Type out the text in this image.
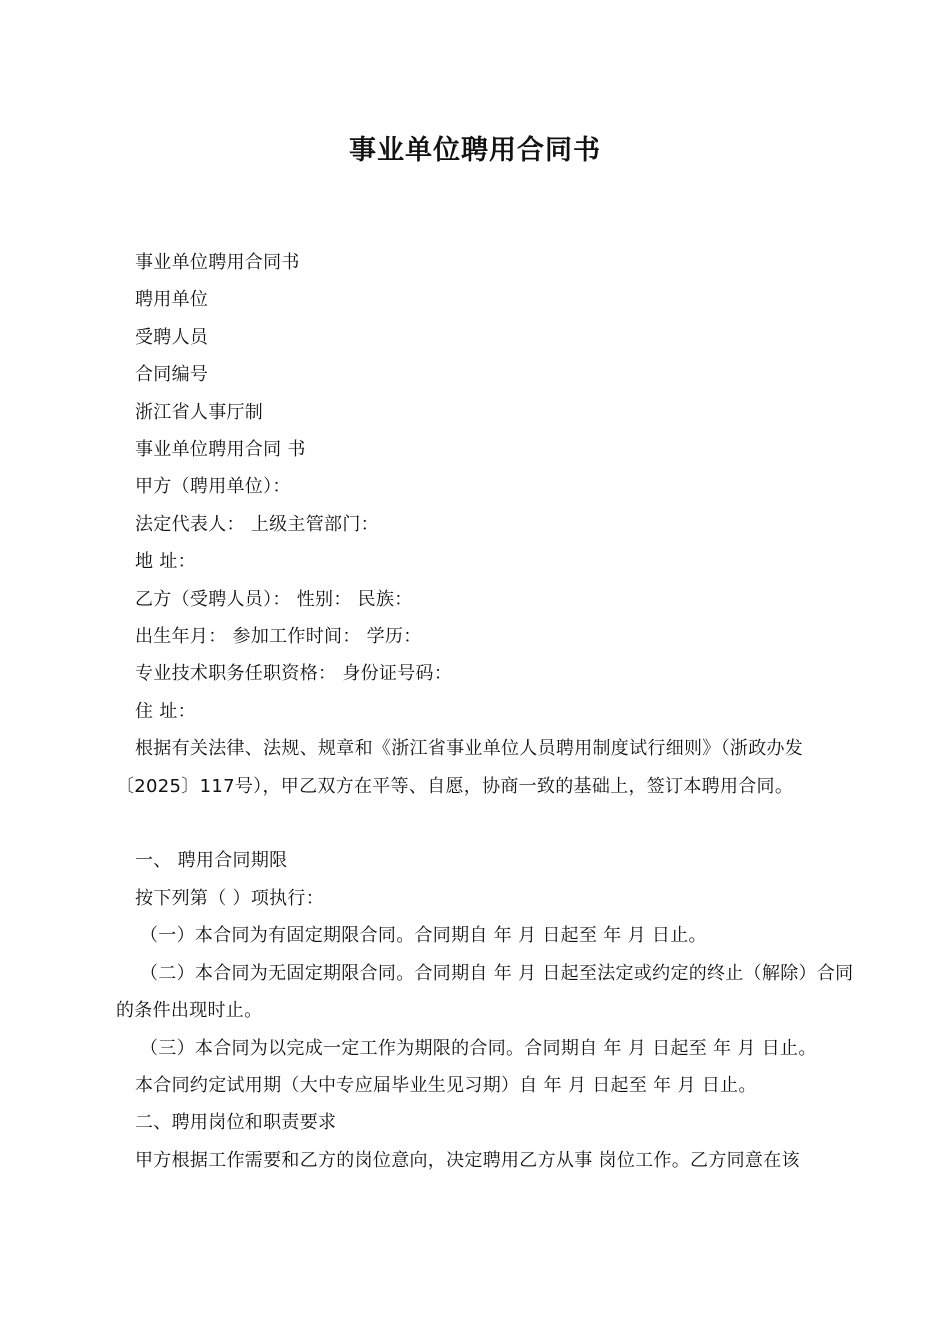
事业单位聘用合同书

事业单位聘用合同书

聘用单位

受聘人员

合同编号

浙江省人事厅制

事业单位聘用合同 书

甲方（聘用单位）：

法定代表人： 上级主管部门：

地 址：

乙方（受聘人员）： 性别： 民族：

出生年月： 参加工作时间： 学历：

专业技术职务任职资格： 身份证号码：

住 址：

根据有关法律、法规、规章和《浙江省事业单位人员聘用制度试行细则》（浙政办发〔2025〕117号），甲乙双方在平等、自愿，协商一致的基础上，签订本聘用合同。

一、 聘用合同期限

按下列第（ ）项执行：

（一）本合同为有固定期限合同。合同期自 年 月 日起至 年 月 日止。

（二）本合同为无固定期限合同。合同期自 年 月 日起至法定或约定的终止（解除）合同的条件出现时止。

（三）本合同为以完成一定工作为期限的合同。合同期自 年 月 日起至 年 月 日止。

本合同约定试用期（大中专应届毕业生见习期）自 年 月 日起至 年 月 日止。

二、聘用岗位和职责要求

甲方根据工作需要和乙方的岗位意向，决定聘用乙方从事 岗位工作。乙方同意在该
